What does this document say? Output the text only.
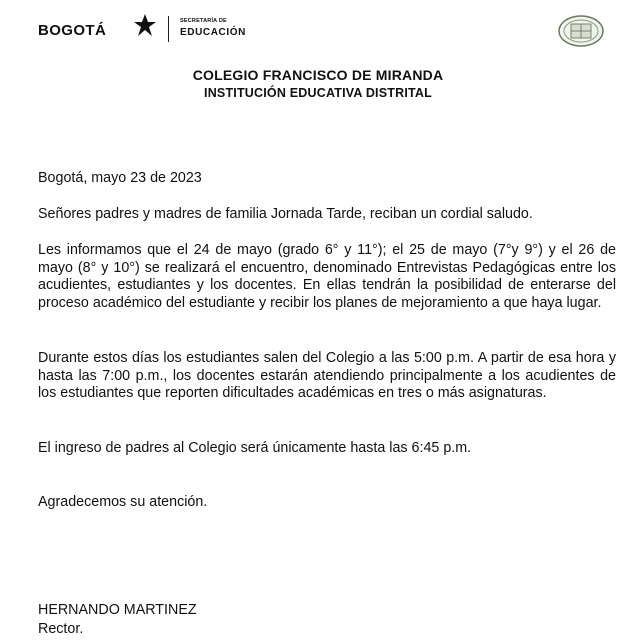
BOGOTÁ
SECRETARÍA DE
EDUCACIÓN
COLEGIO FRANCISCO DE MIRANDA
INSTITUCIÓN EDUCATIVA DISTRITAL
Bogotá, mayo 23 de 2023
Señores padres y madres de familia Jornada Tarde, reciban un cordial saludo.
Les informamos que el 24 de mayo (grado 6° y 11°); el 25 de mayo (7°y 9°) y el 26 de mayo (8° y 10°) se realizará el encuentro, denominado Entrevistas Pedagógicas entre los acudientes, estudiantes y los docentes. En ellas tendrán la posibilidad de enterarse del proceso académico del estudiante y recibir los planes de mejoramiento a que haya lugar.
Durante estos días los estudiantes salen del Colegio a las 5:00 p.m. A partir de esa hora y hasta las 7:00 p.m., los docentes estarán atendiendo principalmente a los acudientes de los estudiantes que reporten dificultades académicas en tres o más asignaturas.
El ingreso de padres al Colegio será únicamente hasta las 6:45 p.m.
Agradecemos su atención.
HERNANDO MARTINEZ
Rector.
